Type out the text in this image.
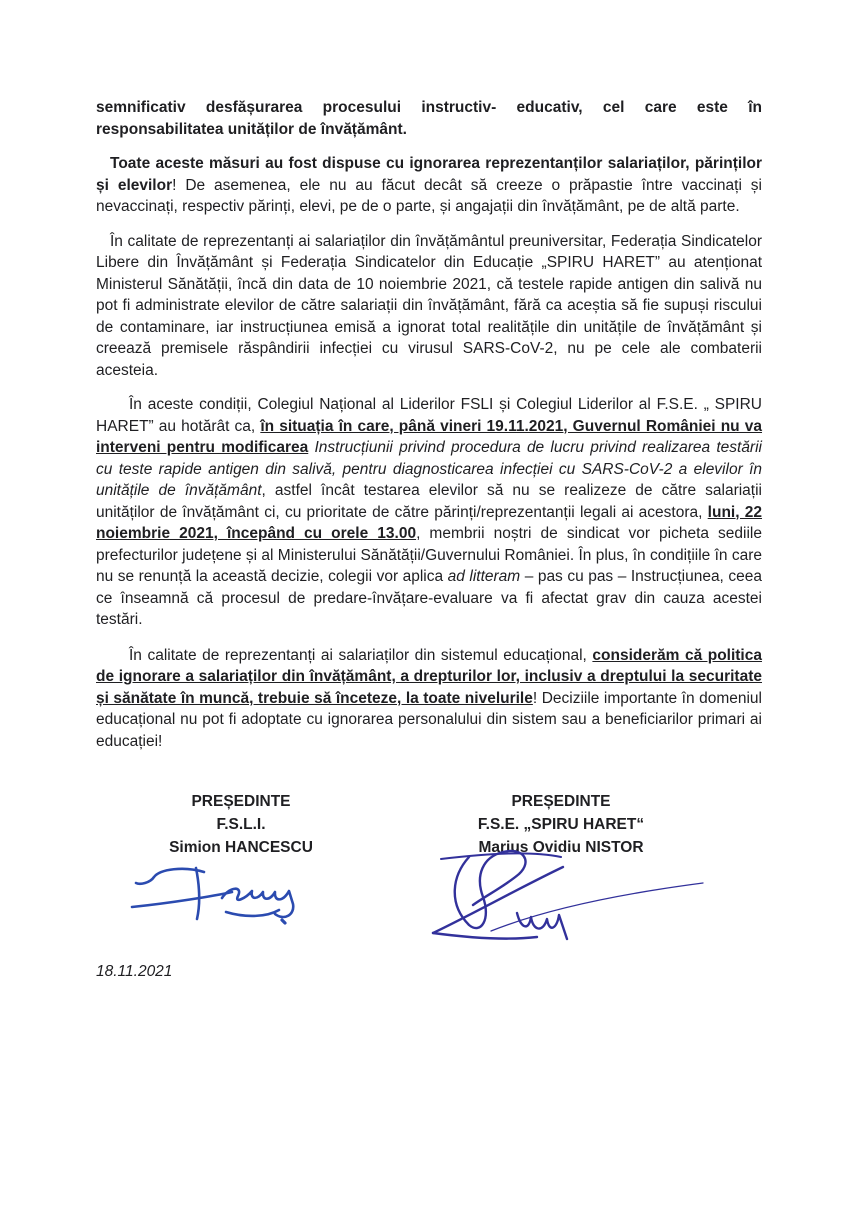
semnificativ desfășurarea procesului instructiv- educativ, cel care este în responsabilitatea unităților de învățământ.

Toate aceste măsuri au fost dispuse cu ignorarea reprezentanților salariaților, părinților și elevilor! De asemenea, ele nu au făcut decât să creeze o prăpastie între vaccinați și nevaccinați, respectiv părinți, elevi, pe de o parte, și angajații din învățământ, pe de altă parte.

În calitate de reprezentanți ai salariaților din învățământul preuniversitar, Federația Sindicatelor Libere din Învățământ și Federația Sindicatelor din Educație „SPIRU HARET” au atenționat Ministerul Sănătății, încă din data de 10 noiembrie 2021, că testele rapide antigen din salivă nu pot fi administrate elevilor de către salariații din învățământ, fără ca aceștia să fie supuși riscului de contaminare, iar instrucțiunea emisă a ignorat total realitățile din unitățile de învățământ și creează premisele răspândirii infecției cu virusul SARS-CoV-2, nu pe cele ale combaterii acesteia.

În aceste condiții, Colegiul Național al Liderilor FSLI și Colegiul Liderilor al F.S.E. „ SPIRU HARET” au hotărât ca, în situația în care, până vineri 19.11.2021, Guvernul României nu va interveni pentru modificarea Instrucțiunii privind procedura de lucru privind realizarea testării cu teste rapide antigen din salivă, pentru diagnosticarea infecției cu SARS-CoV-2 a elevilor în unitățile de învățământ, astfel încât testarea elevilor să nu se realizeze de către salariații unităților de învățământ ci, cu prioritate de către părinți/reprezentanții legali ai acestora, luni, 22 noiembrie 2021, începând cu orele 13.00, membrii noștri de sindicat vor picheta sediile prefecturilor județene și al Ministerului Sănătății/Guvernului României. În plus, în condițiile în care nu se renunță la această decizie, colegii vor aplica ad litteram – pas cu pas – Instrucțiunea, ceea ce înseamnă că procesul de predare-învățare-evaluare va fi afectat grav din cauza acestei testări.

În calitate de reprezentanți ai salariaților din sistemul educațional, considerăm că politica de ignorare a salariaților din învățământ, a drepturilor lor, inclusiv a dreptului la securitate și sănătate în muncă, trebuie să înceteze, la toate nivelurile! Deciziile importante în domeniul educațional nu pot fi adoptate cu ignorarea personalului din sistem sau a beneficiarilor primari ai educației!

PREȘEDINTE
F.S.L.I.
Simion HANCESCU
PREȘEDINTE
F.S.E. „SPIRU HARET“
Marius Ovidiu NISTOR
18.11.2021
